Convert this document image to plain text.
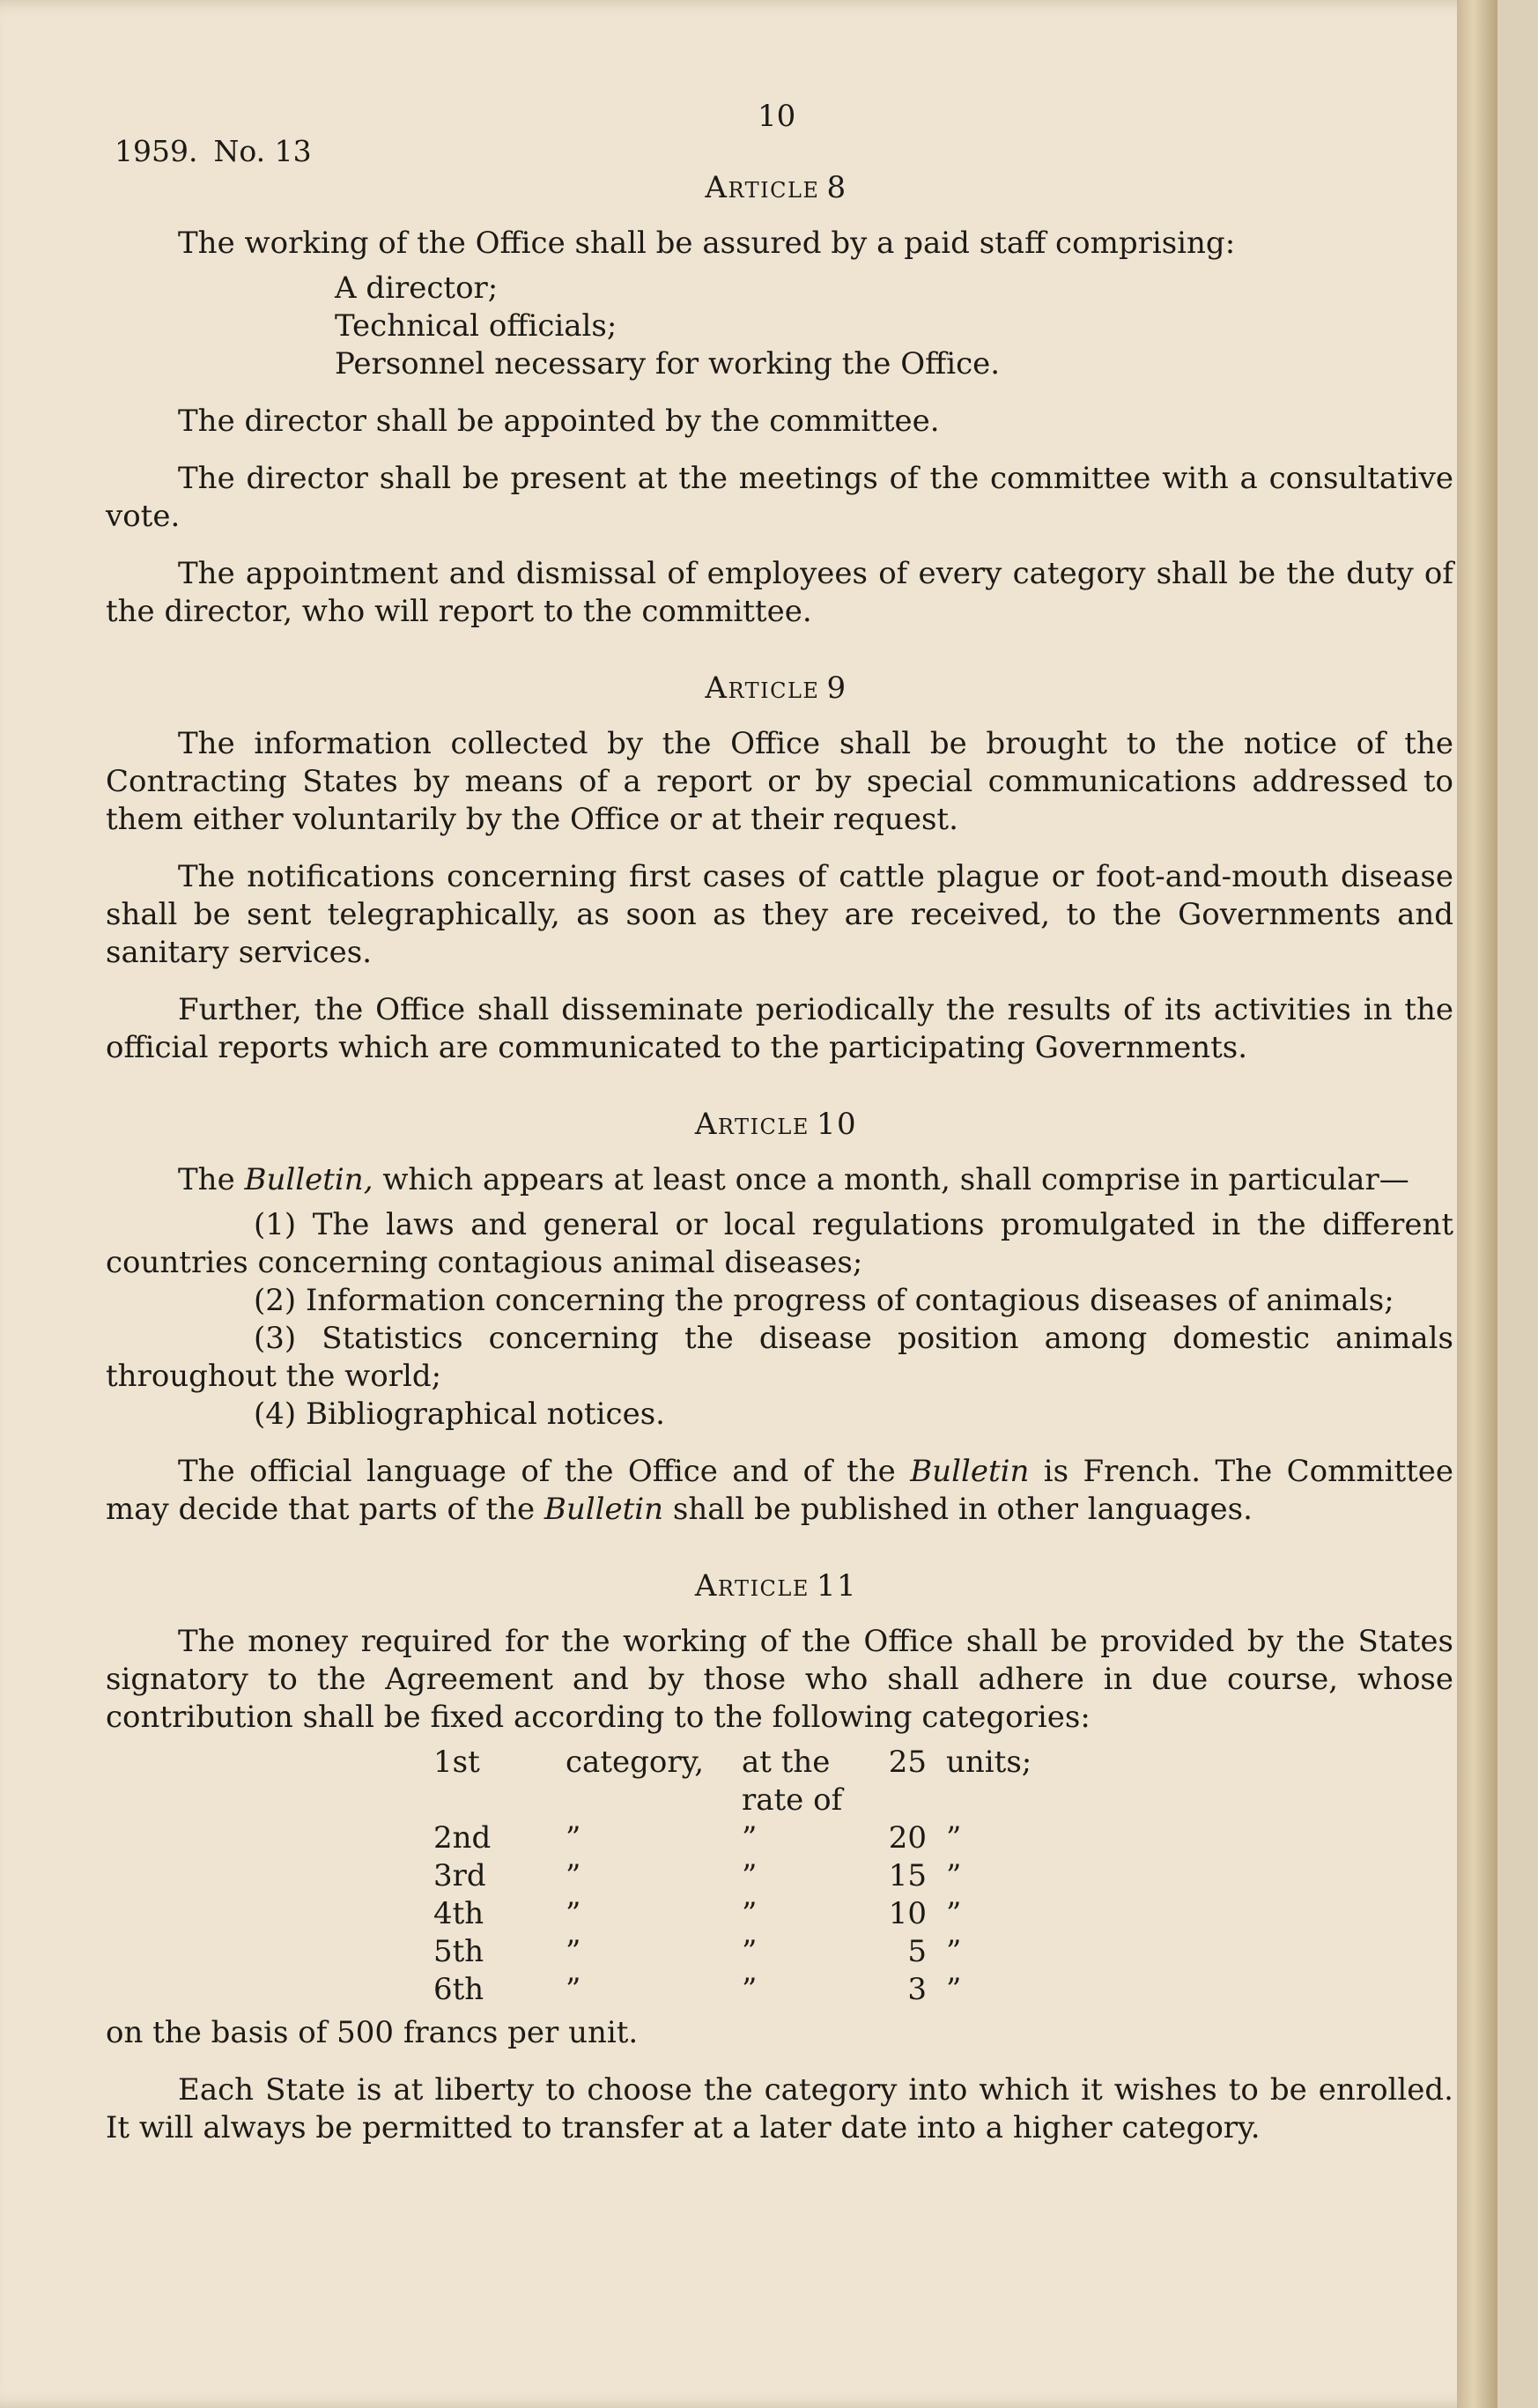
10
1959. No. 13
Article 8

The working of the Office shall be assured by a paid staff comprising:

A director;
Technical officials;
Personnel necessary for working the Office.

The director shall be appointed by the committee.

The director shall be present at the meetings of the committee with a consultative vote.

The appointment and dismissal of employees of every category shall be the duty of the director, who will report to the committee.

Article 9

The information collected by the Office shall be brought to the notice of the Contracting States by means of a report or by special communications addressed to them either voluntarily by the Office or at their request.

The notifications concerning first cases of cattle plague or foot-and-mouth disease shall be sent telegraphically, as soon as they are received, to the Governments and sanitary services.

Further, the Office shall disseminate periodically the results of its activities in the official reports which are communicated to the participating Governments.

Article 10

The Bulletin, which appears at least once a month, shall comprise in particular—

(1) The laws and general or local regulations promulgated in the different countries concerning contagious animal diseases;

(2) Information concerning the progress of contagious diseases of animals;

(3) Statistics concerning the disease position among domestic animals throughout the world;

(4) Bibliographical notices.

The official language of the Office and of the Bulletin is French. The Committee may decide that parts of the Bulletin shall be published in other languages.

Article 11

The money required for the working of the Office shall be provided by the States signatory to the Agreement and by those who shall adhere in due course, whose contribution shall be fixed according to the following categories:

1st	category,	at the rate of	25	units;
2nd	”	”	20	”
3rd	”	”	15	”
4th	”	”	10	”
5th	”	”	5	”
6th	”	”	3	”

on the basis of 500 francs per unit.

Each State is at liberty to choose the category into which it wishes to be enrolled. It will always be permitted to transfer at a later date into a higher category.
